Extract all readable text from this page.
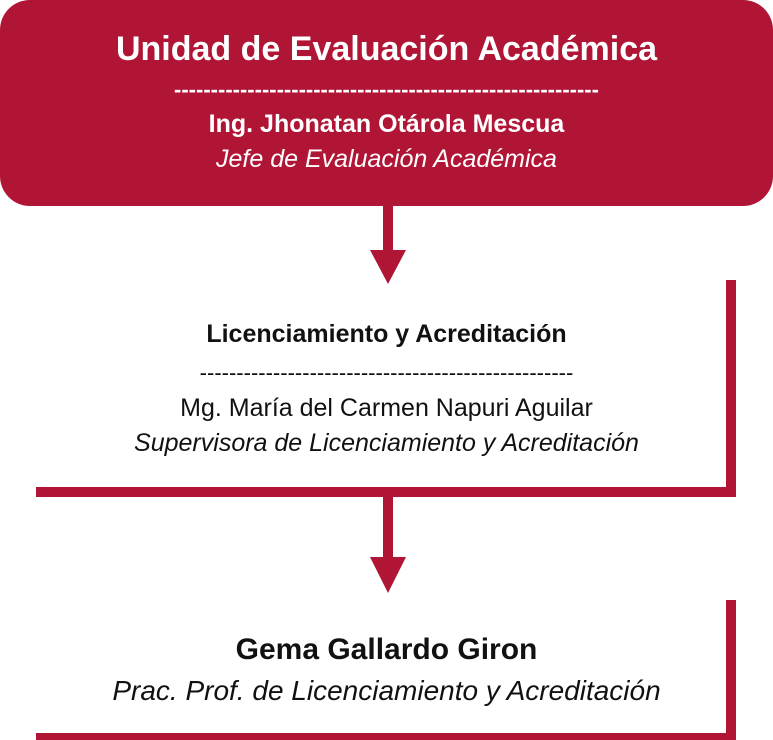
Unidad de Evaluación Académica
----------------------------------------------------------
Ing. Jhonatan Otárola Mescua
Jefe de Evaluación Académica
Licenciamiento y Acreditación
---------------------------------------------------
Mg. María del Carmen Napuri Aguilar
Supervisora de Licenciamiento y Acreditación
Gema Gallardo Giron
Prac. Prof. de Licenciamiento y Acreditación
